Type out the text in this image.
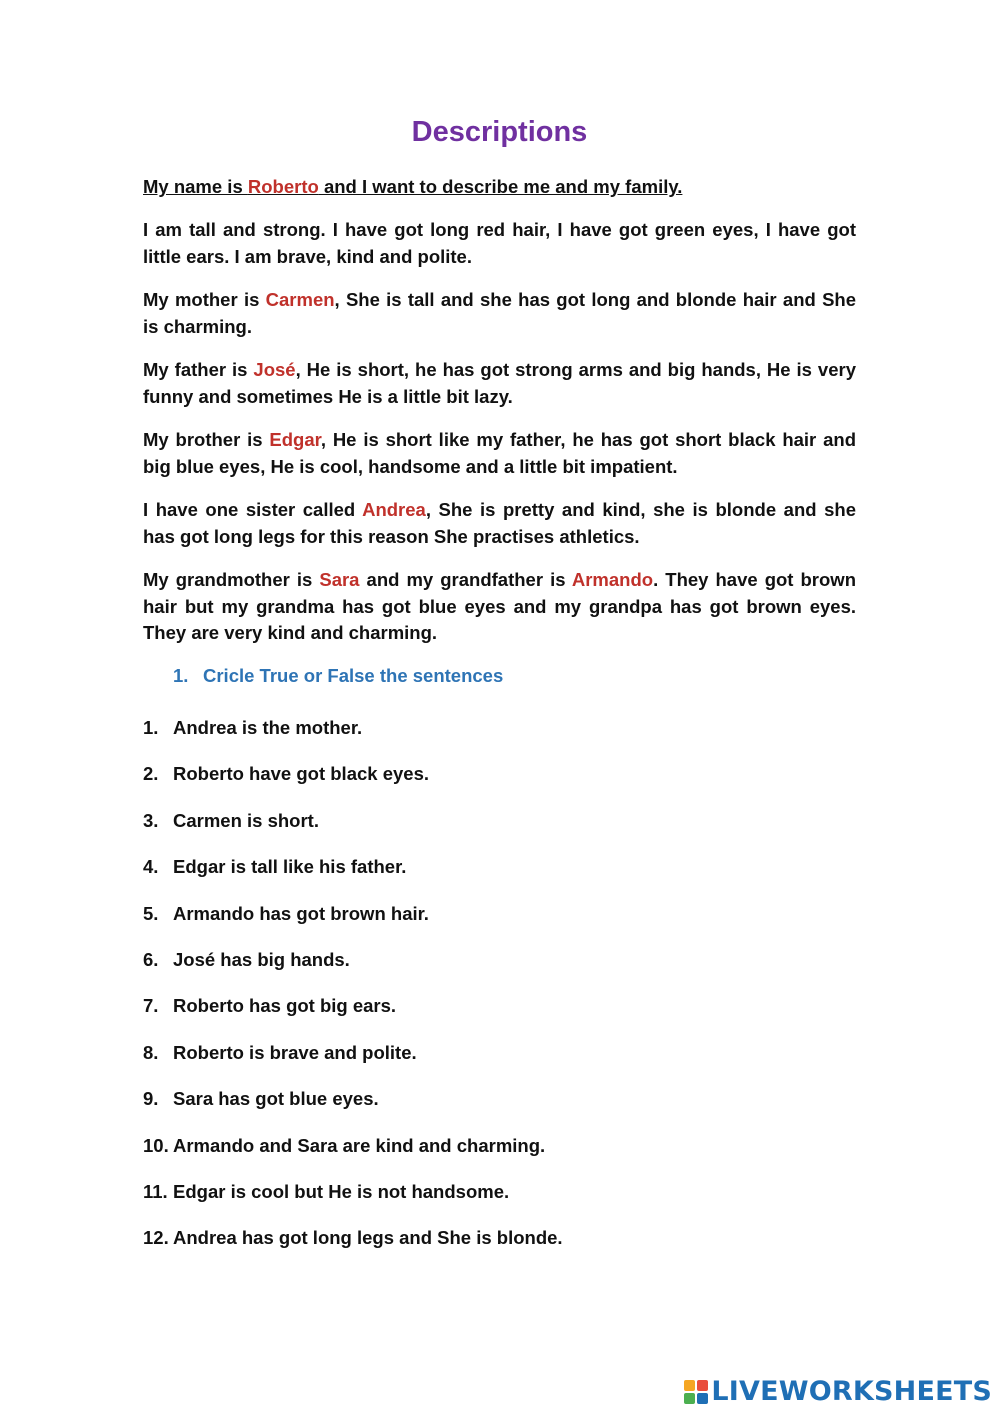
Descriptions

My name is Roberto and I want to describe me and my family.

I am tall and strong. I have got long red hair, I have got green eyes, I have got little ears. I am brave, kind and polite.

My mother is Carmen, She is tall and she has got long and blonde hair and She is charming.

My father is José, He is short, he has got strong arms and big hands, He is very funny and sometimes He is a little bit lazy.

My brother is Edgar, He is short like my father, he has got short black hair and big blue eyes, He is cool, handsome and a little bit impatient.

I have one sister called Andrea, She is pretty and kind, she is blonde and she has got long legs for this reason She practises athletics.

My grandmother is Sara and my grandfather is Armando. They have got brown hair but my grandma has got blue eyes and my grandpa has got brown eyes. They are very kind and charming.

1. Cricle True or False the sentences

1. Andrea is the mother.
2. Roberto have got black eyes.
3. Carmen is short.
4. Edgar is tall like his father.
5. Armando has got brown hair.
6. José has big hands.
7. Roberto has got big ears.
8. Roberto is brave and polite.
9. Sara has got blue eyes.
10. Armando and Sara are kind and charming.
11. Edgar is cool but He is not handsome.
12. Andrea has got long legs and She is blonde.
LIVEWORKSHEETS
